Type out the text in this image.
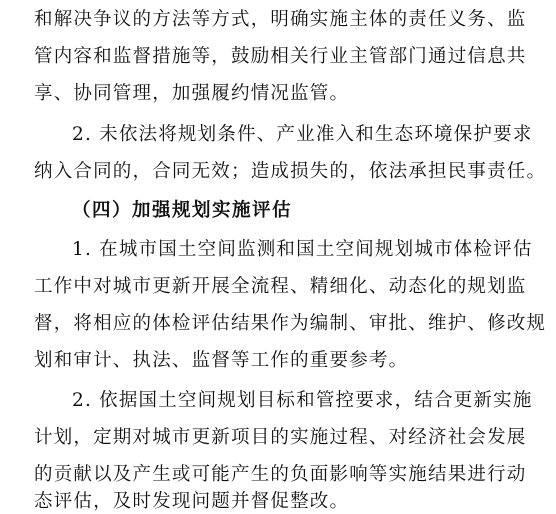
和解决争议的方法等方式，明确实施主体的责任义务、监
管内容和监督措施等，鼓励相关行业主管部门通过信息共
享、协同管理，加强履约情况监管。
2. 未依法将规划条件、产业准入和生态环境保护要求
纳入合同的，合同无效；造成损失的，依法承担民事责任。
（四）加强规划实施评估
1. 在城市国土空间监测和国土空间规划城市体检评估
工作中对城市更新开展全流程、精细化、动态化的规划监
督，将相应的体检评估结果作为编制、审批、维护、修改规
划和审计、执法、监督等工作的重要参考。
2. 依据国土空间规划目标和管控要求，结合更新实施
计划，定期对城市更新项目的实施过程、对经济社会发展
的贡献以及产生或可能产生的负面影响等实施结果进行动
态评估，及时发现问题并督促整改。
